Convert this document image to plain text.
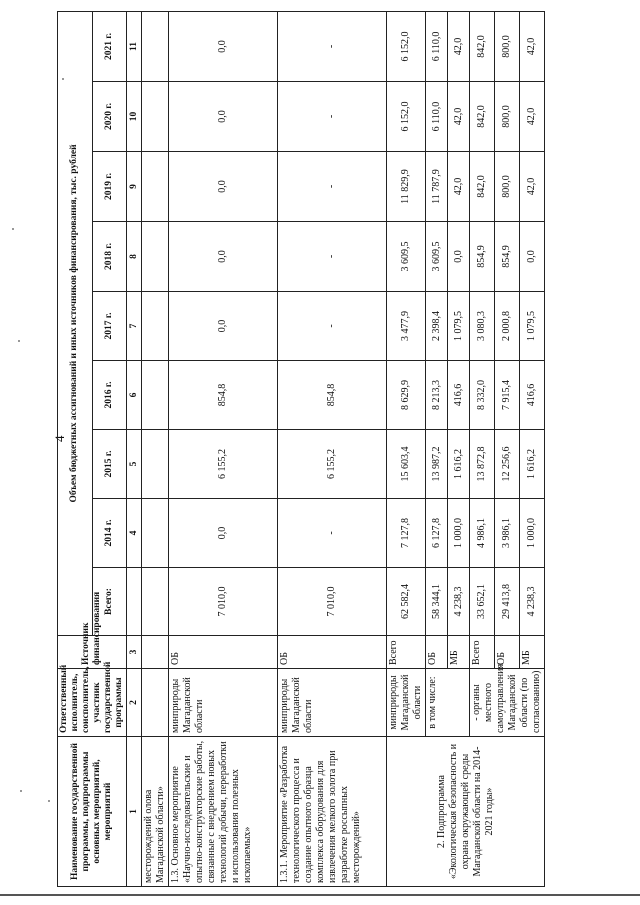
4
Наименование государственной программы, подпрограммы основных мероприятий, мероприятий	Ответственный исполнитель, соисполнитель, участник государственной программы	Источник финансирования	Объем бюджетных ассигнований и иных источников финансирования, тыс. рублей								
			Всего:	2014 г.	2015 г.	2016 г.	2017 г.	2018 г.	2019 г.	2020 г.	2021 г.
1	2	3		4	5	6	7	8	9	10	11
месторождений олова Магаданской области»											
1.3. Основное мероприятие «Научно-исследовательские и опытно-конструкторские работы, связанные с внедрением новых технологий добычи, переработки и использования полезных ископаемых»	минприроды Магаданской области	ОБ	7 010,0	0,0	6 155,2	854,8	0,0	0,0	0,0	0,0	0,0
1.3.1. Мероприятие «Разработка технологического процесса и создание опытного образца комплекса оборудования для извлечения мелкого золота при разработке россыпных месторождений»	минприроды Магаданской области	ОБ	7 010,0	-	6 155,2	854,8	-	-	-	-	-
2. Подпрограмма «Экологическая безопасность и охрана окружающей среды Магаданской области на 2014-2021 годы»	минприроды Магаданской области	Всего	62 582,4	7 127,8	15 603,4	8 629,9	3 477,9	3 609,5	11 829,9	6 152,0	6 152,0
	в том числе:	ОБ	58 344,1	6 127,8	13 987,2	8 213,3	2 398,4	3 609,5	11 787,9	6 110,0	6 110,0
		МБ	4 238,3	1 000,0	1 616,2	416,6	1 079,5	0,0	42,0	42,0	42,0
	- органы местного самоуправления Магаданской области (по согласованию)	Всего	33 652,1	4 986,1	13 872,8	8 332,0	3 080,3	854,9	842,0	842,0	842,0
		ОБ	29 413,8	3 986,1	12 256,6	7 915,4	2 000,8	854,9	800,0	800,0	800,0
		МБ	4 238,3	1 000,0	1 616,2	416,6	1 079,5	0,0	42,0	42,0	42,0
